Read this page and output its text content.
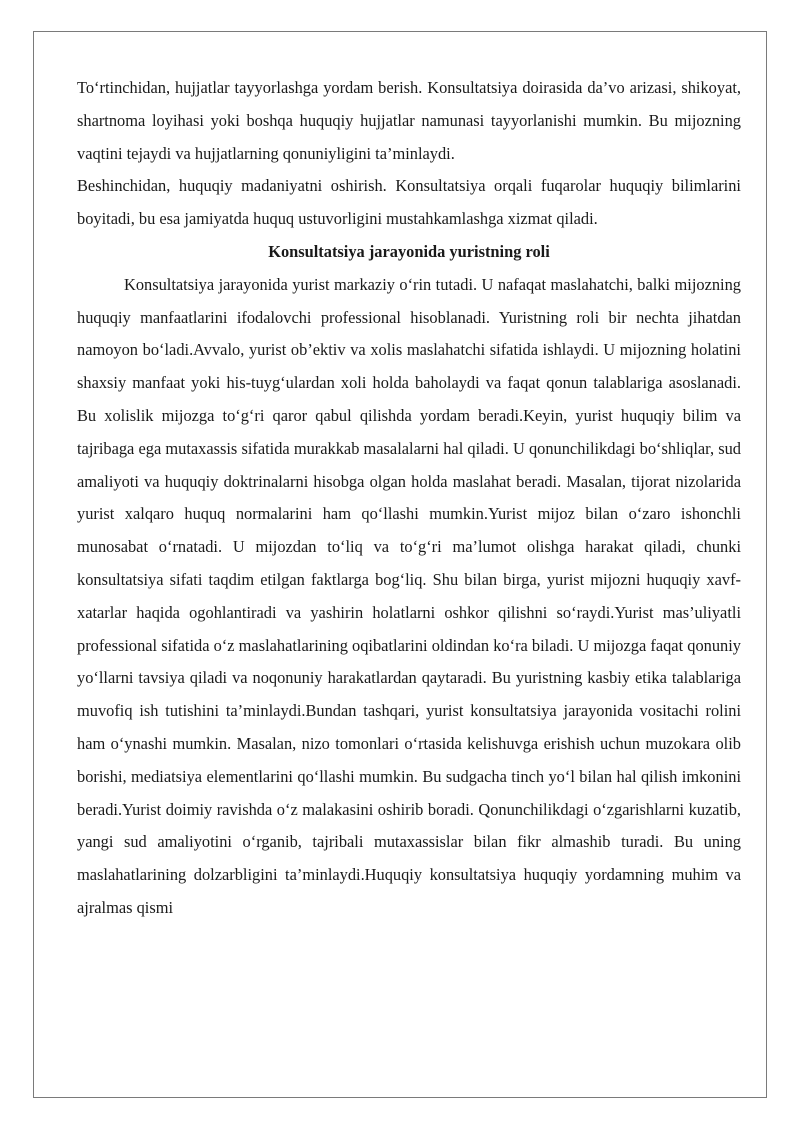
To‘rtinchidan, hujjatlar tayyorlashga yordam berish. Konsultatsiya doirasida da’vo arizasi, shikoyat, shartnoma loyihasi yoki boshqa huquqiy hujjatlar namunasi tayyorlanishi mumkin. Bu mijozning vaqtini tejaydi va hujjatlarning qonuniyligini ta’minlaydi.

Beshinchidan, huquqiy madaniyatni oshirish. Konsultatsiya orqali fuqarolar huquqiy bilimlarini boyitadi, bu esa jamiyatda huquq ustuvorligini mustahkamlashga xizmat qiladi.

Konsultatsiya jarayonida yuristning roli

Konsultatsiya jarayonida yurist markaziy o‘rin tutadi. U nafaqat maslahatchi, balki mijozning huquqiy manfaatlarini ifodalovchi professional hisoblanadi. Yuristning roli bir nechta jihatdan namoyon bo‘ladi.Avvalo, yurist ob’ektiv va xolis maslahatchi sifatida ishlaydi. U mijozning holatini shaxsiy manfaat yoki his-tuyg‘ulardan xoli holda baholaydi va faqat qonun talablariga asoslanadi. Bu xolislik mijozga to‘g‘ri qaror qabul qilishda yordam beradi.Keyin, yurist huquqiy bilim va tajribaga ega mutaxassis sifatida murakkab masalalarni hal qiladi. U qonunchilikdagi bo‘shliqlar, sud amaliyoti va huquqiy doktrinalarni hisobga olgan holda maslahat beradi. Masalan, tijorat nizolarida yurist xalqaro huquq normalarini ham qo‘llashi mumkin.Yurist mijoz bilan o‘zaro ishonchli munosabat o‘rnatadi. U mijozdan to‘liq va to‘g‘ri ma’lumot olishga harakat qiladi, chunki konsultatsiya sifati taqdim etilgan faktlarga bog‘liq. Shu bilan birga, yurist mijozni huquqiy xavf-xatarlar haqida ogohlantiradi va yashirin holatlarni oshkor qilishni so‘raydi.Yurist mas’uliyatli professional sifatida o‘z maslahatlarining oqibatlarini oldindan ko‘ra biladi. U mijozga faqat qonuniy yo‘llarni tavsiya qiladi va noqonuniy harakatlardan qaytaradi. Bu yuristning kasbiy etika talablariga muvofiq ish tutishini ta’minlaydi.Bundan tashqari, yurist konsultatsiya jarayonida vositachi rolini ham o‘ynashi mumkin. Masalan, nizo tomonlari o‘rtasida kelishuvga erishish uchun muzokara olib borishi, mediatsiya elementlarini qo‘llashi mumkin. Bu sudgacha tinch yo‘l bilan hal qilish imkonini beradi.Yurist doimiy ravishda o‘z malakasini oshirib boradi. Qonunchilikdagi o‘zgarishlarni kuzatib, yangi sud amaliyotini o‘rganib, tajribali mutaxassislar bilan fikr almashib turadi. Bu uning maslahatlarining dolzarbligini ta’minlaydi.Huquqiy konsultatsiya huquqiy yordamning muhim va ajralmas qismi
